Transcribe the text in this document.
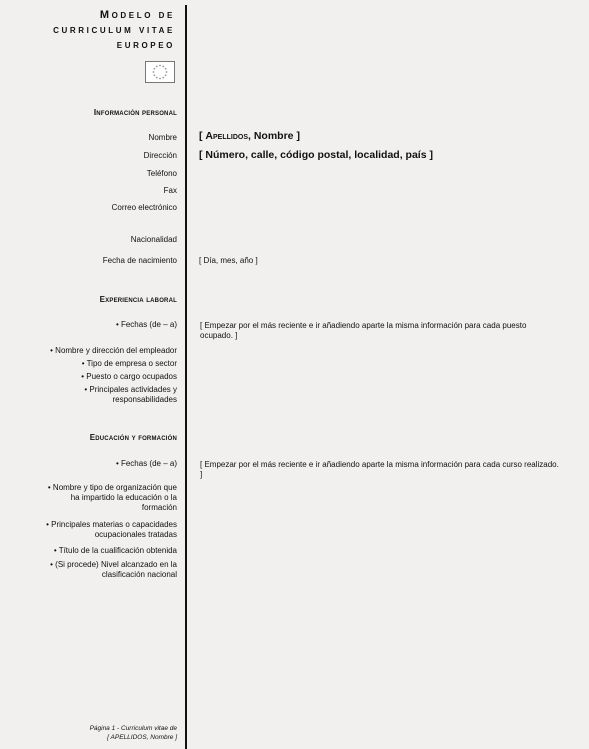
Modelo de
curriculum vitae
europeo
Información personal
Nombre
Dirección
Teléfono
Fax
Correo electrónico
Nacionalidad
Fecha de nacimiento
[ Apellidos, Nombre ]
[ Número, calle, código postal, localidad, país ]
[ Día, mes, año ]
Experiencia laboral
• Fechas (de – a)
• Nombre y dirección del empleador
• Tipo de empresa o sector
• Puesto o cargo ocupados
• Principales actividades y
responsabilidades
[ Empezar por el más reciente e ir añadiendo aparte la misma información para cada puesto ocupado. ]
Educación y formación
• Fechas (de – a)
• Nombre y tipo de organización que
ha impartido la educación o la
formación
• Principales materias o capacidades
ocupacionales tratadas
• Título de la cualificación obtenida
• (Si procede) Nivel alcanzado en la
clasificación nacional
[ Empezar por el más reciente e ir añadiendo aparte la misma información para cada curso realizado. ]
Página 1 - Curriculum vitae de
[ APELLIDOS, Nombre ]
